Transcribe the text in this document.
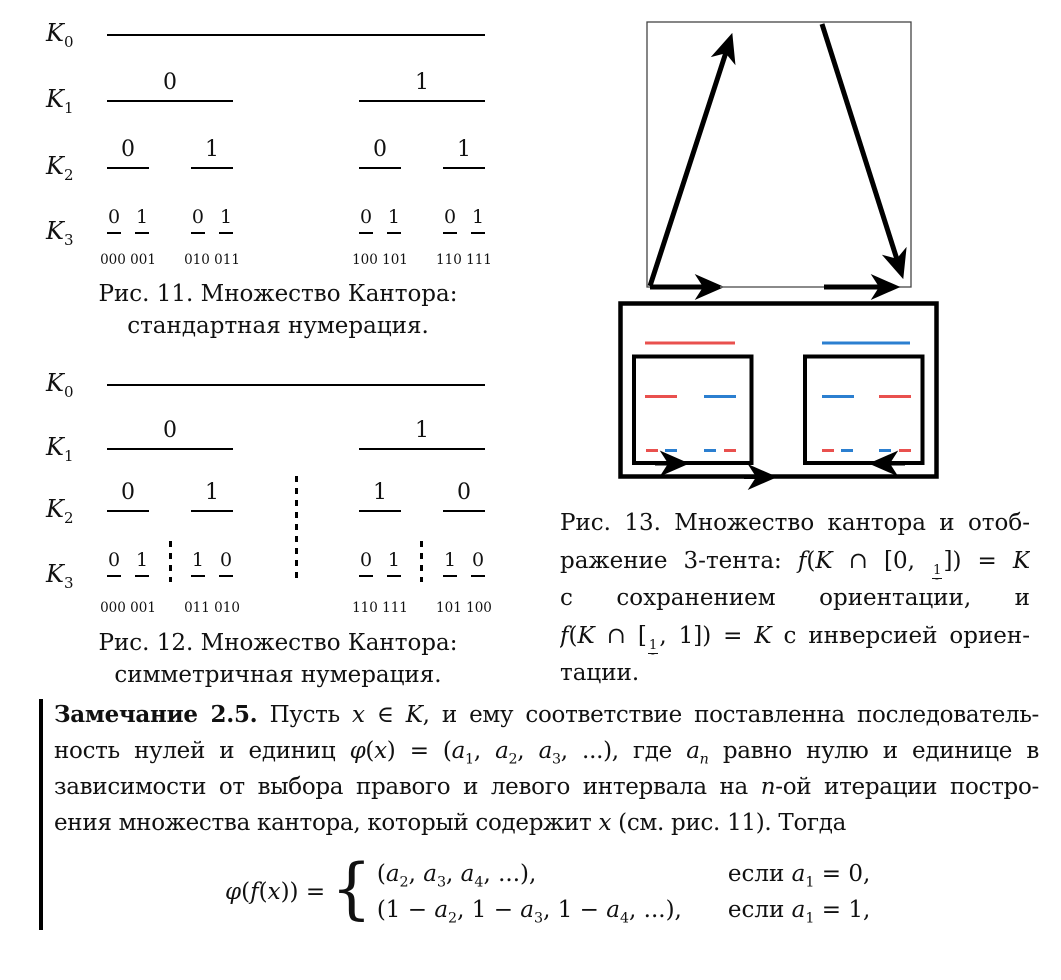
$K_0$
$K_1$
0	1
$K_2$
0	1	0	1
$K_3$
0 1	0 1	0 1	0 1
000 001	010 011	100 101	110 111
Рис. 11. Множество Кантора:
стандартная нумерация.
$K_0$
$K_1$
0	1
$K_2$
0	1	1	0
$K_3$
0 1	1 0	0 1	1 0
000 001	011 010	110 111	101 100
Рис. 12. Множество Кантора:
симметричная нумерация.
Рис. 13. Множество кантора и отоб-
ражение 3-тента: f(K ∩ [0, 1 ]) = K
с сохранением ориентации, и
f(K ∩ [ 1 , 1]) = K с инверсией ориен-
тации.
Замечание 2.5. Пусть x ∈ K, и ему соответствие поставленна последователь-
ность нулей и единиц $\varphi(x) = (a_1$, $a_2$, $a_3$, ...), где $a_n$ равно нулю и единице в
зависимости от выбора правого и левого интервала на n-ой итерации постро-
ения множества кантора, который содержит x (см. рис. 11). Тогда
φ(f(x)) = { ($a_2$, $a_3$, $a_4$, ...),	если $a_1 = 0$,
($1 - a_2$, $1 - a_3$, $1 - a_4$, ...), если $a_1 = 1$,
